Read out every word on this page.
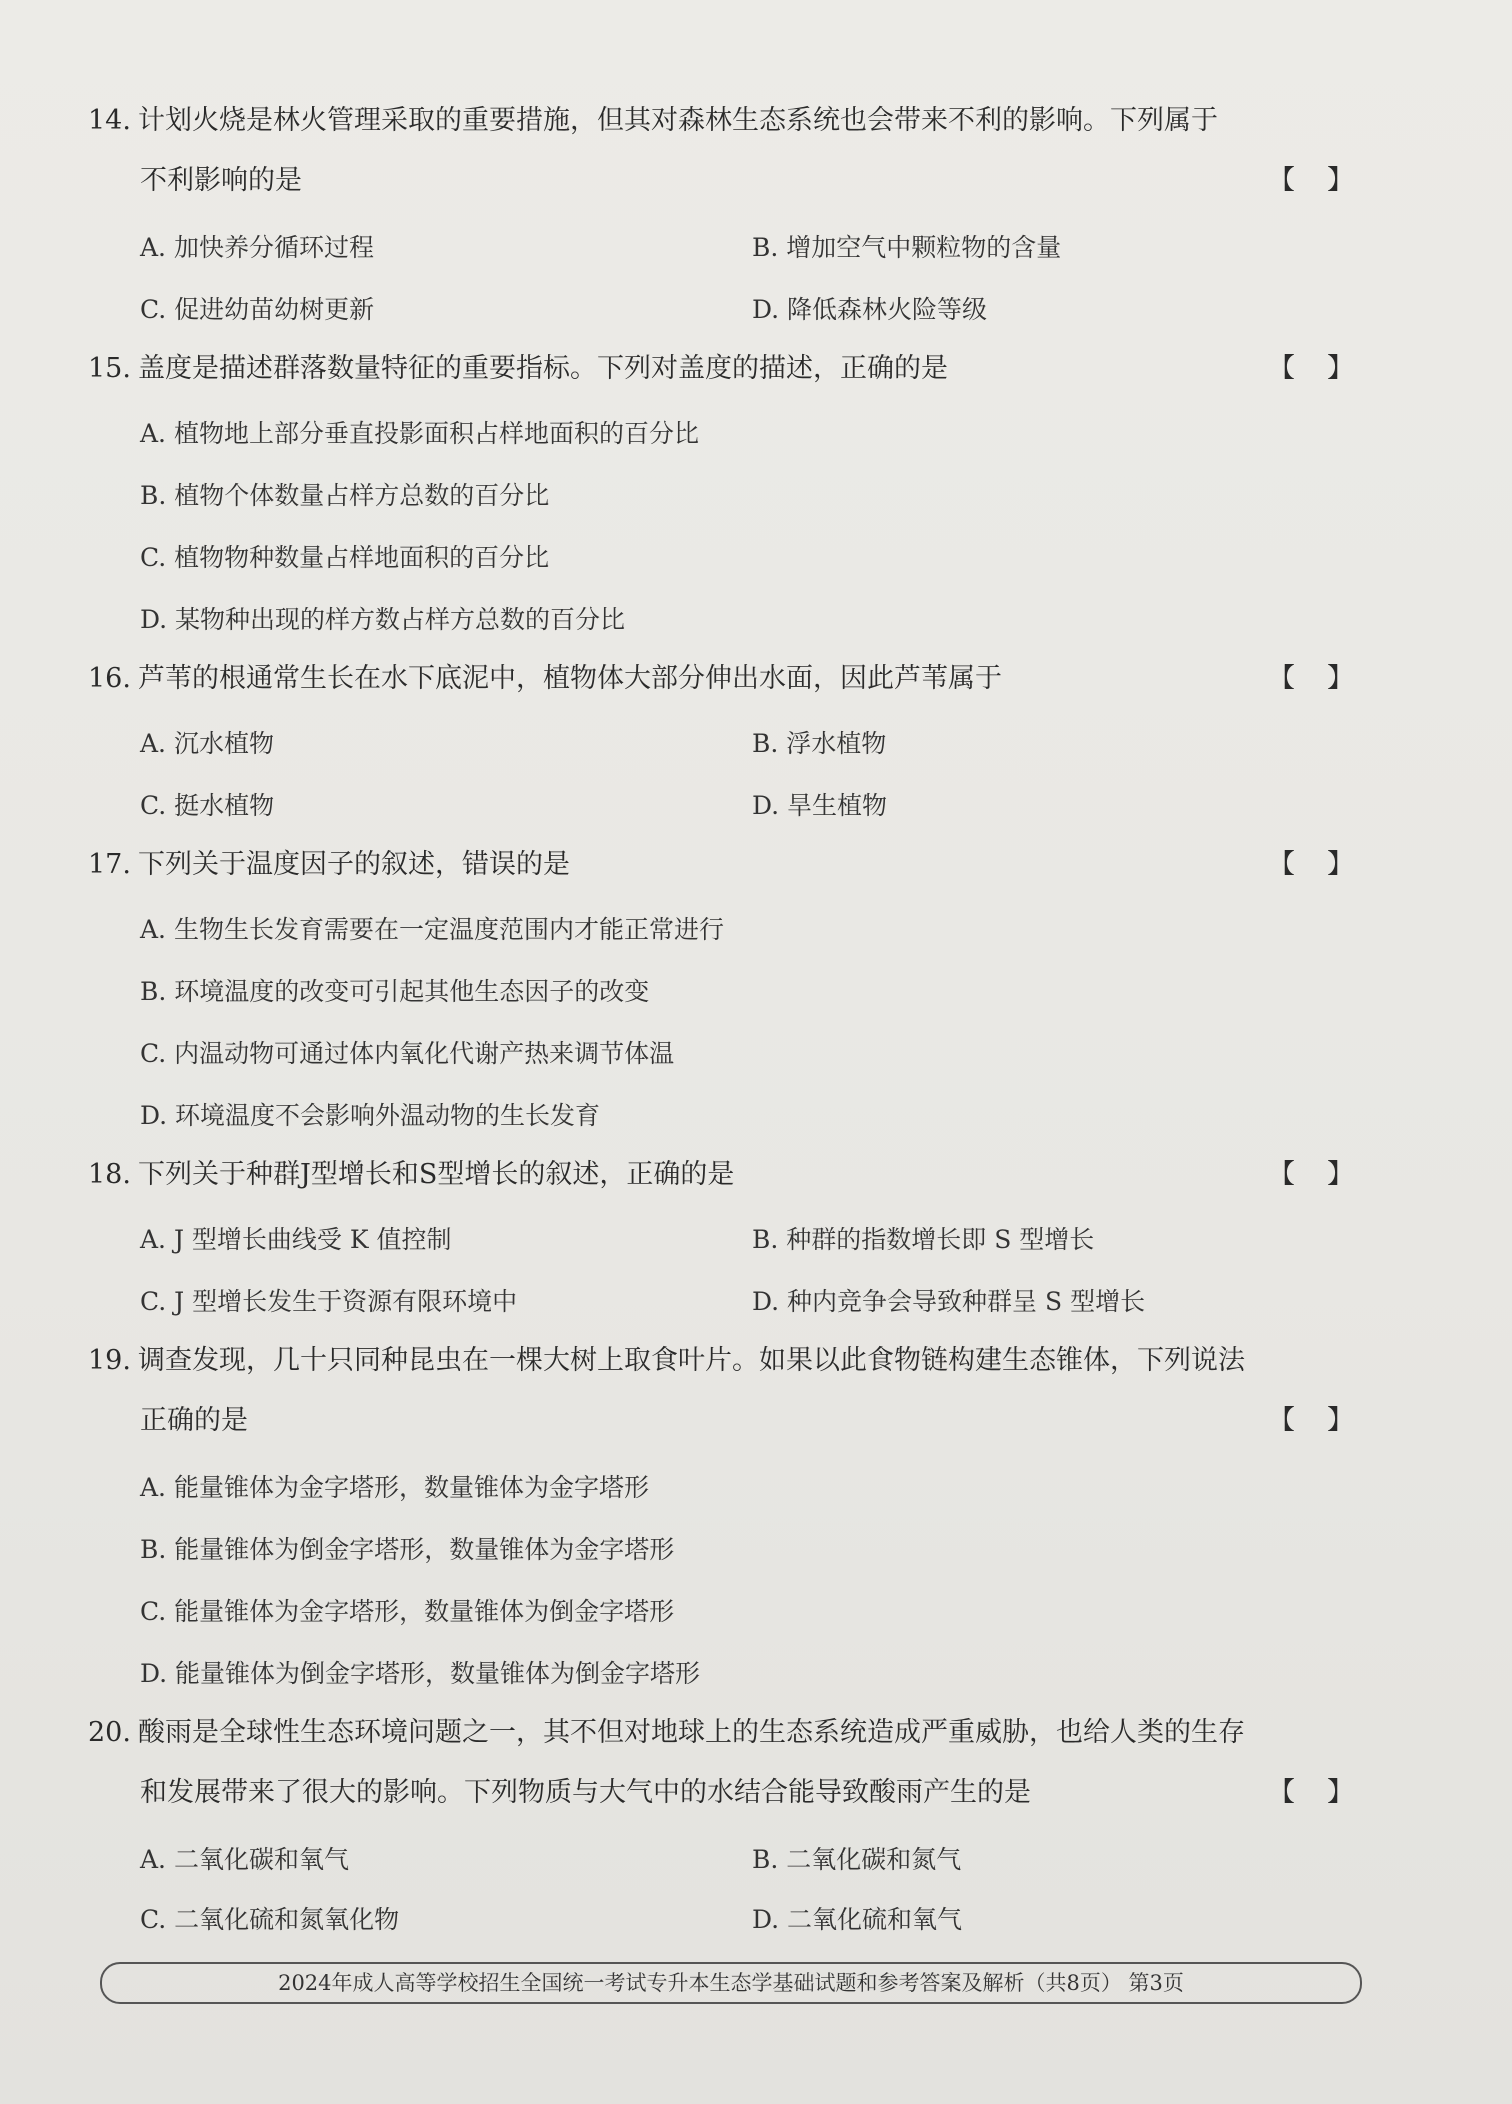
14. 计划火烧是林火管理采取的重要措施，但其对森林生态系统也会带来不利的影响。下列属于
不利影响的是	【】
A. 加快养分循环过程	B. 增加空气中颗粒物的含量
C. 促进幼苗幼树更新	D. 降低森林火险等级
15. 盖度是描述群落数量特征的重要指标。下列对盖度的描述，正确的是	【】
A. 植物地上部分垂直投影面积占样地面积的百分比
B. 植物个体数量占样方总数的百分比
C. 植物物种数量占样地面积的百分比
D. 某物种出现的样方数占样方总数的百分比
16. 芦苇的根通常生长在水下底泥中，植物体大部分伸出水面，因此芦苇属于	【】
A. 沉水植物	B. 浮水植物
C. 挺水植物	D. 旱生植物
17. 下列关于温度因子的叙述，错误的是	【】
A. 生物生长发育需要在一定温度范围内才能正常进行
B. 环境温度的改变可引起其他生态因子的改变
C. 内温动物可通过体内氧化代谢产热来调节体温
D. 环境温度不会影响外温动物的生长发育
18. 下列关于种群J型增长和S型增长的叙述，正确的是	【】
A. J 型增长曲线受 K 值控制	B. 种群的指数增长即 S 型增长
C. J 型增长发生于资源有限环境中	D. 种内竞争会导致种群呈 S 型增长
19. 调查发现，几十只同种昆虫在一棵大树上取食叶片。如果以此食物链构建生态锥体，下列说法
正确的是	【】
A. 能量锥体为金字塔形，数量锥体为金字塔形
B. 能量锥体为倒金字塔形，数量锥体为金字塔形
C. 能量锥体为金字塔形，数量锥体为倒金字塔形
D. 能量锥体为倒金字塔形，数量锥体为倒金字塔形
20. 酸雨是全球性生态环境问题之一，其不但对地球上的生态系统造成严重威胁，也给人类的生存
和发展带来了很大的影响。下列物质与大气中的水结合能导致酸雨产生的是	【】
A. 二氧化碳和氧气	B. 二氧化碳和氮气
C. 二氧化硫和氮氧化物	D. 二氧化硫和氧气
2024年成人高等学校招生全国统一考试专升本生态学基础试题和参考答案及解析（共8页） 第3页
